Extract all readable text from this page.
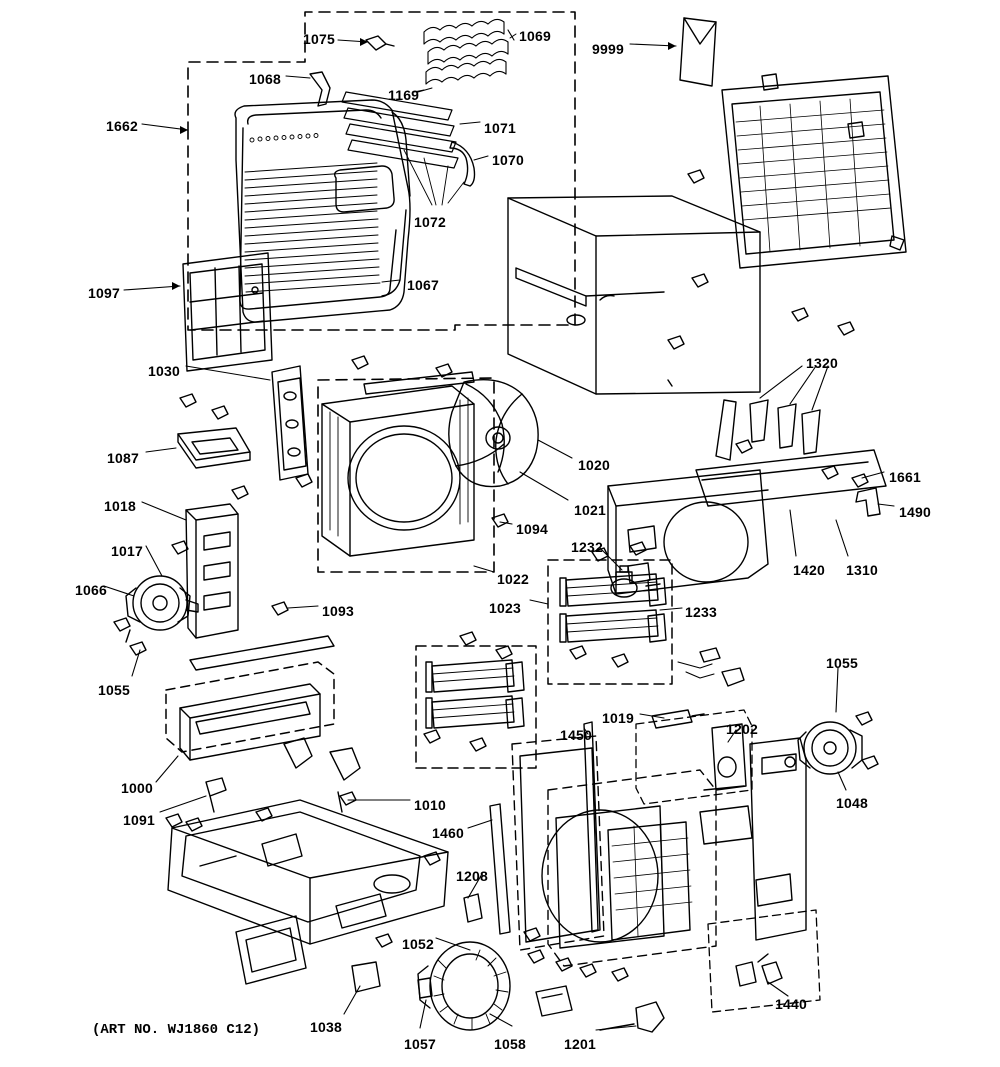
1075	1069
9999
1068
1169
1662	1071
1070
1072
1097	1067
1320
1030
1020
1087
1661
1021	1490
1018
1094
1310
1017	1232
1022
1420
1066
1023	1233
1093
1055
1055
1019
1202
1450
1000
1048
1010
1091
1460
1208
1052
1440
1038
1057	1058	1201
(ART NO. WJ1860 C12)
